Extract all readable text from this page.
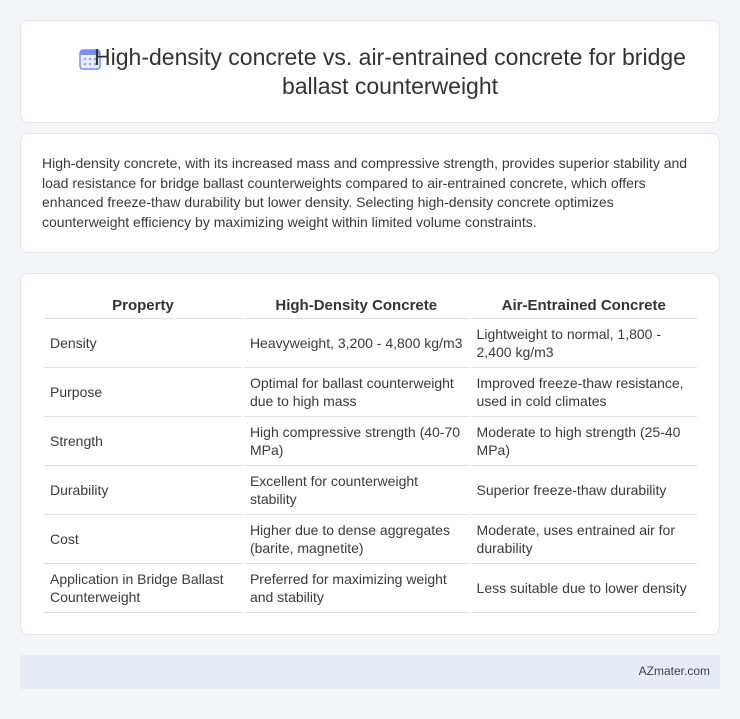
High-density concrete vs. air-entrained concrete for bridge ballast counterweight

High-density concrete, with its increased mass and compressive strength, provides superior stability and load resistance for bridge ballast counterweights compared to air-entrained concrete, which offers enhanced freeze-thaw durability but lower density. Selecting high-density concrete optimizes counterweight efficiency by maximizing weight within limited volume constraints.

Property	High-Density Concrete	Air-Entrained Concrete
Density	Heavyweight, 3,200 - 4,800 kg/m3	Lightweight to normal, 1,800 - 2,400 kg/m3
Purpose	Optimal for ballast counterweight due to high mass	Improved freeze-thaw resistance, used in cold climates
Strength	High compressive strength (40-70 MPa)	Moderate to high strength (25-40 MPa)
Durability	Excellent for counterweight stability	Superior freeze-thaw durability
Cost	Higher due to dense aggregates (barite, magnetite)	Moderate, uses entrained air for durability
Application in Bridge Ballast Counterweight	Preferred for maximizing weight and stability	Less suitable due to lower density
AZmater.com
